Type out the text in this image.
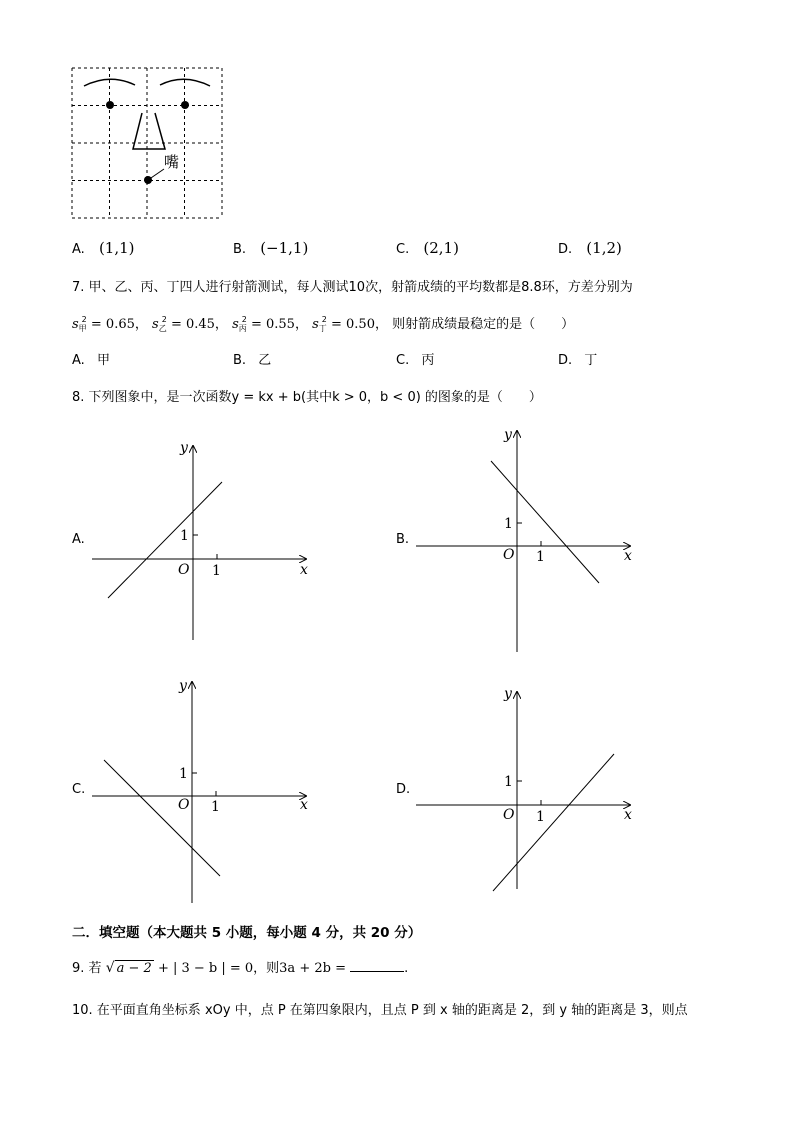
嘴
A. (1,1)	B. (−1,1)	C. (2,1)	D. (1,2)
7. 甲、乙、丙、丁四人进行射箭测试，每人测试10次，射箭成绩的平均数都是8.8环，方差分别为
$s_甲^2 = 0.65$， $s_乙^2 = 0.45$， $s_丙^2 = 0.55$， $s_丁^2 = 0.50$， 则射箭成绩最稳定的是（　　）
A. 甲	B. 乙	C. 丙	D. 丁
8. 下列图象中，是一次函数y = kx + b(其中k > 0，b < 0) 的图象的是（　　）
A.
y
x
O 1
1	B.
y
x
O 1
1
C.
y
x
O 1
1
D.
y
x
O 1
1
二．填空题（本大题共 5 小题，每小题 4 分，共 20 分）
9. 若 √ a − 2 + | 3 − b | = 0，则3a + 2b =	.
10. 在平面直角坐标系 xOy 中，点 P 在第四象限内，且点 P 到 x 轴的距离是 2，到 y 轴的距离是 3，则点
